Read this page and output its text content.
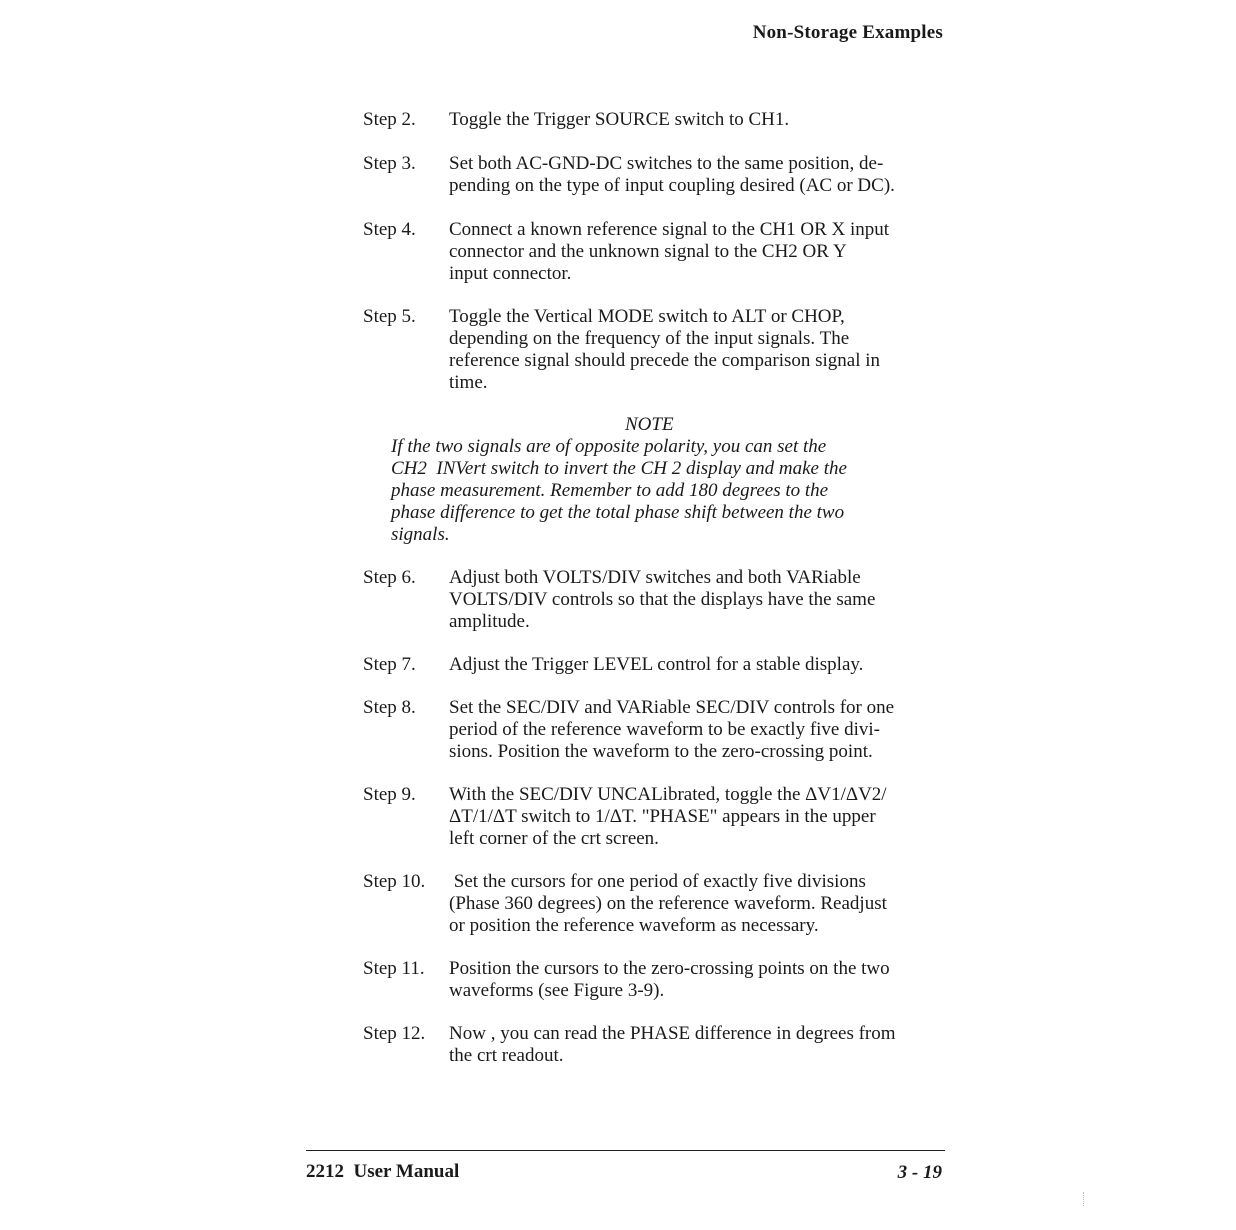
Non-Storage Examples
Step 2. Toggle the Trigger SOURCE switch to CH1.
Step 3. Set both AC-GND-DC switches to the same position, de-
pending on the type of input coupling desired (AC or DC).
Step 4. Connect a known reference signal to the CH1 OR X input
connector and the unknown signal to the CH2 OR Y
input connector.
Step 5. Toggle the Vertical MODE switch to ALT or CHOP,
depending on the frequency of the input signals. The
reference signal should precede the comparison signal in
time.
Step 6. Adjust both VOLTS/DIV switches and both VARiable
VOLTS/DIV controls so that the displays have the same
amplitude.
Step 7. Adjust the Trigger LEVEL control for a stable display.
Step 8. Set the SEC/DIV and VARiable SEC/DIV controls for one
period of the reference waveform to be exactly five divi-
sions. Position the waveform to the zero-crossing point.
Step 9. With the SEC/DIV UNCALibrated, toggle the ΔV1/ΔV2/
ΔT/1/ΔT switch to 1/ΔT. "PHASE" appears in the upper
left corner of the crt screen.
Step 10. Set the cursors for one period of exactly five divisions
(Phase 360 degrees) on the reference waveform. Readjust
or position the reference waveform as necessary.
Step 11. Position the cursors to the zero-crossing points on the two
waveforms (see Figure 3-9).
Step 12. Now , you can read the PHASE difference in degrees from
the crt readout.
NOTE
If the two signals are of opposite polarity, you can set the
CH2  INVert switch to invert the CH 2 display and make the
phase measurement. Remember to add 180 degrees to the
phase difference to get the total phase shift between the two
signals.
2212  User Manual	3 - 19
